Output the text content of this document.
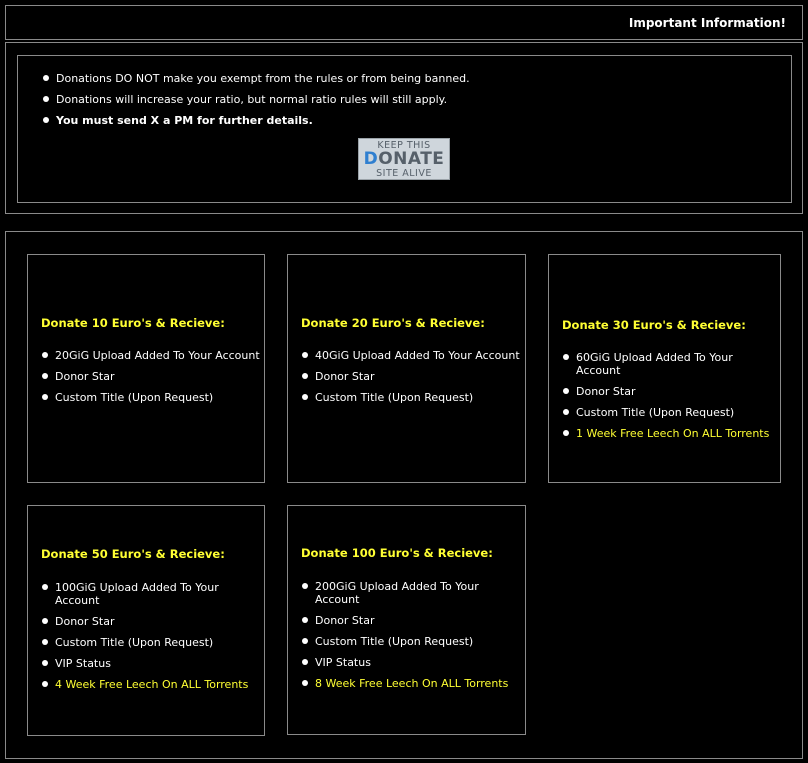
Important Information!
Donations DO NOT make you exempt from the rules or from being banned.
Donations will increase your ratio, but normal ratio rules will still apply.
You must send X a PM for further details.
KEEP THIS
DONATE
SITE ALIVE
Donate 10 Euro's & Recieve:
20GiG Upload Added To Your Account
Donor Star
Custom Title (Upon Request)
Donate 20 Euro's & Recieve:
40GiG Upload Added To Your Account
Donor Star
Custom Title (Upon Request)
Donate 30 Euro's & Recieve:
60GiG Upload Added To Your Account
Donor Star
Custom Title (Upon Request)
1 Week Free Leech On ALL Torrents
Donate 50 Euro's & Recieve:
100GiG Upload Added To Your Account
Donor Star
Custom Title (Upon Request)
VIP Status
4 Week Free Leech On ALL Torrents
Donate 100 Euro's & Recieve:
200GiG Upload Added To Your Account
Donor Star
Custom Title (Upon Request)
VIP Status
8 Week Free Leech On ALL Torrents
